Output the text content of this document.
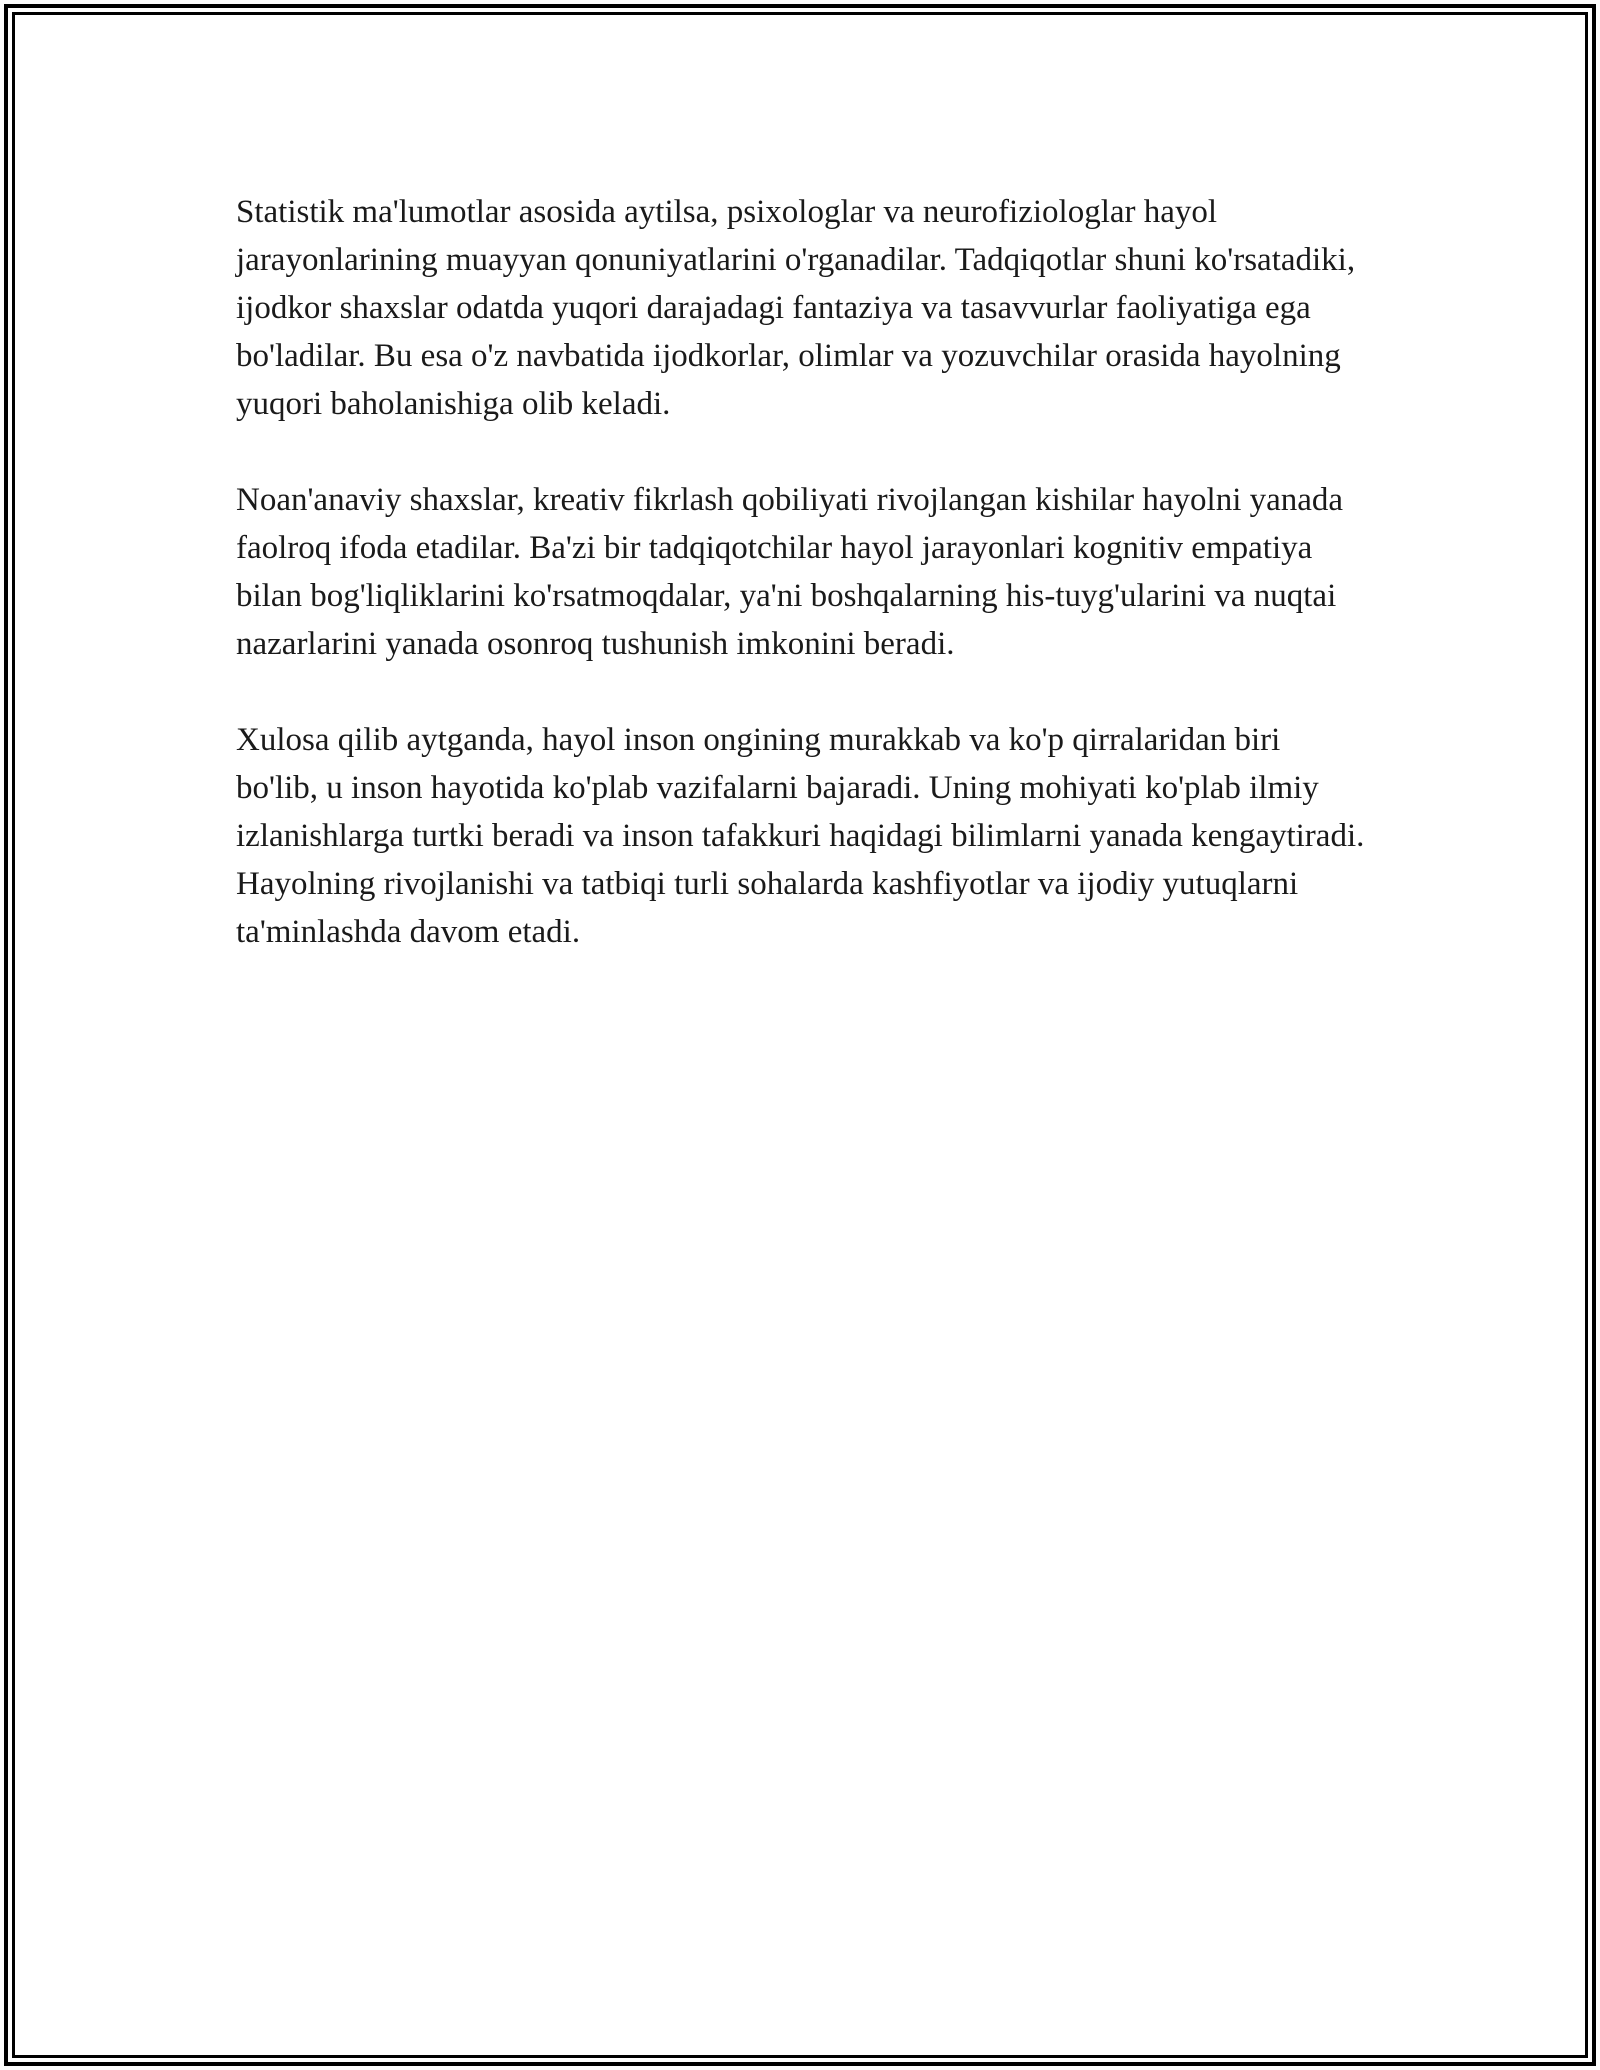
Statistik ma'lumotlar asosida aytilsa, psixologlar va neurofiziologlar hayol jarayonlarining muayyan qonuniyatlarini o'rganadilar. Tadqiqotlar shuni ko'rsatadiki, ijodkor shaxslar odatda yuqori darajadagi fantaziya va tasavvurlar faoliyatiga ega bo'ladilar. Bu esa o'z navbatida ijodkorlar, olimlar va yozuvchilar orasida hayolning yuqori baholanishiga olib keladi.

Noan'anaviy shaxslar, kreativ fikrlash qobiliyati rivojlangan kishilar hayolni yanada faolroq ifoda etadilar. Ba'zi bir tadqiqotchilar hayol jarayonlari kognitiv empatiya bilan bog'liqliklarini ko'rsatmoqdalar, ya'ni boshqalarning his-tuyg'ularini va nuqtai nazarlarini yanada osonroq tushunish imkonini beradi.

Xulosa qilib aytganda, hayol inson ongining murakkab va ko'p qirralaridan biri bo'lib, u inson hayotida ko'plab vazifalarni bajaradi. Uning mohiyati ko'plab ilmiy izlanishlarga turtki beradi va inson tafakkuri haqidagi bilimlarni yanada kengaytiradi. Hayolning rivojlanishi va tatbiqi turli sohalarda kashfiyotlar va ijodiy yutuqlarni ta'minlashda davom etadi.
